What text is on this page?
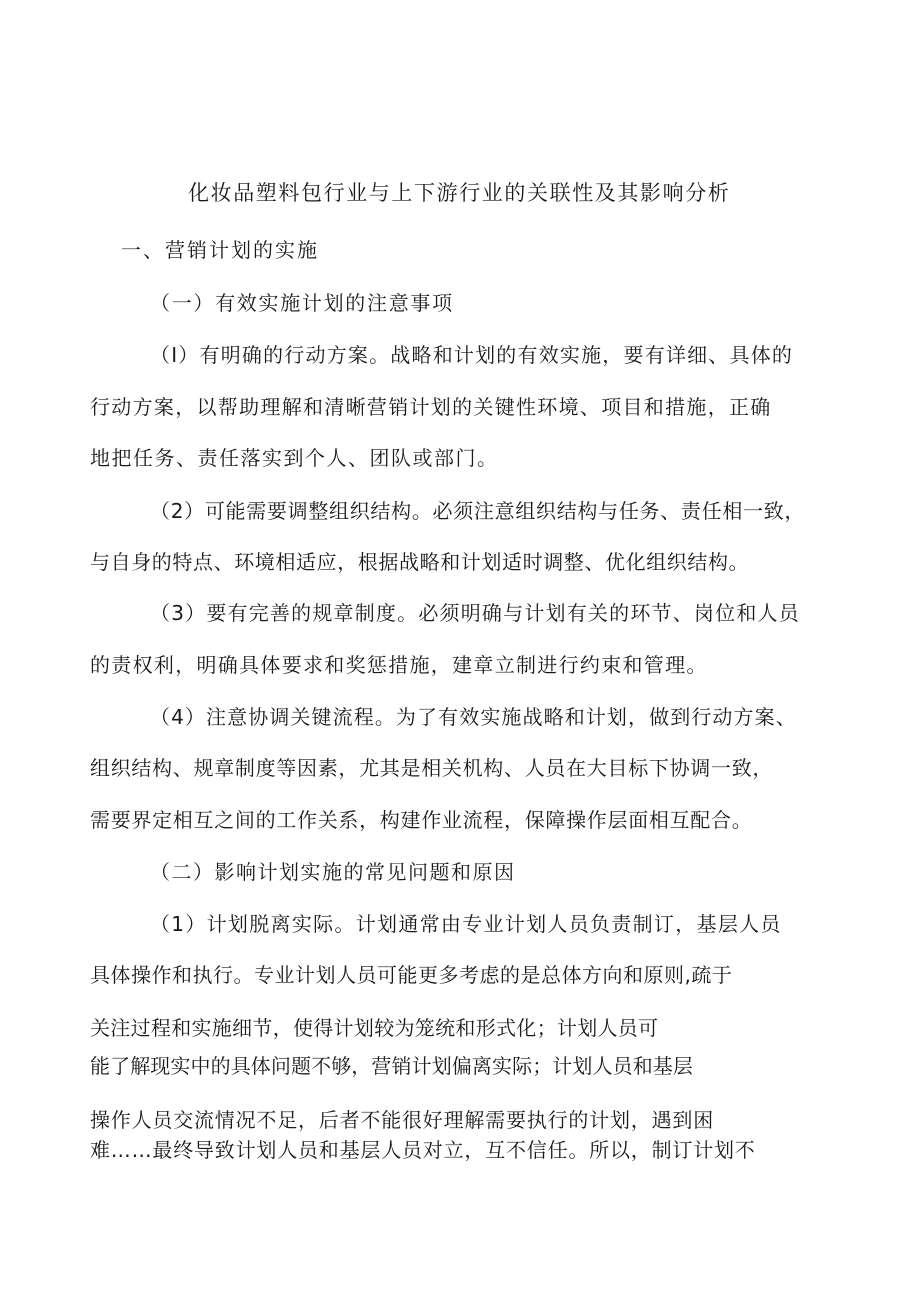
化妆品塑料包行业与上下游行业的关联性及其影响分析
一、营销计划的实施
（一）有效实施计划的注意事项
（I）有明确的行动方案。战略和计划的有效实施，要有详细、具体的
行动方案，以帮助理解和清晰营销计划的关键性环境、项目和措施，正确
地把任务、责任落实到个人、团队或部门。
（2）可能需要调整组织结构。必须注意组织结构与任务、责任相一致，
与自身的特点、环境相适应，根据战略和计划适时调整、优化组织结构。
（3）要有完善的规章制度。必须明确与计划有关的环节、岗位和人员
的责权利，明确具体要求和奖惩措施，建章立制进行约束和管理。
（4）注意协调关键流程。为了有效实施战略和计划，做到行动方案、
组织结构、规章制度等因素，尤其是相关机构、人员在大目标下协调一致，
需要界定相互之间的工作关系，构建作业流程，保障操作层面相互配合。
（二）影响计划实施的常见问题和原因
（1）计划脱离实际。计划通常由专业计划人员负责制订，基层人员
具体操作和执行。专业计划人员可能更多考虑的是总体方向和原则,疏于
关注过程和实施细节，使得计划较为笼统和形式化；计划人员可
能了解现实中的具体问题不够，营销计划偏离实际；计划人员和基层
操作人员交流情况不足，后者不能很好理解需要执行的计划，遇到困
难……最终导致计划人员和基层人员对立，互不信任。所以，制订计划不
